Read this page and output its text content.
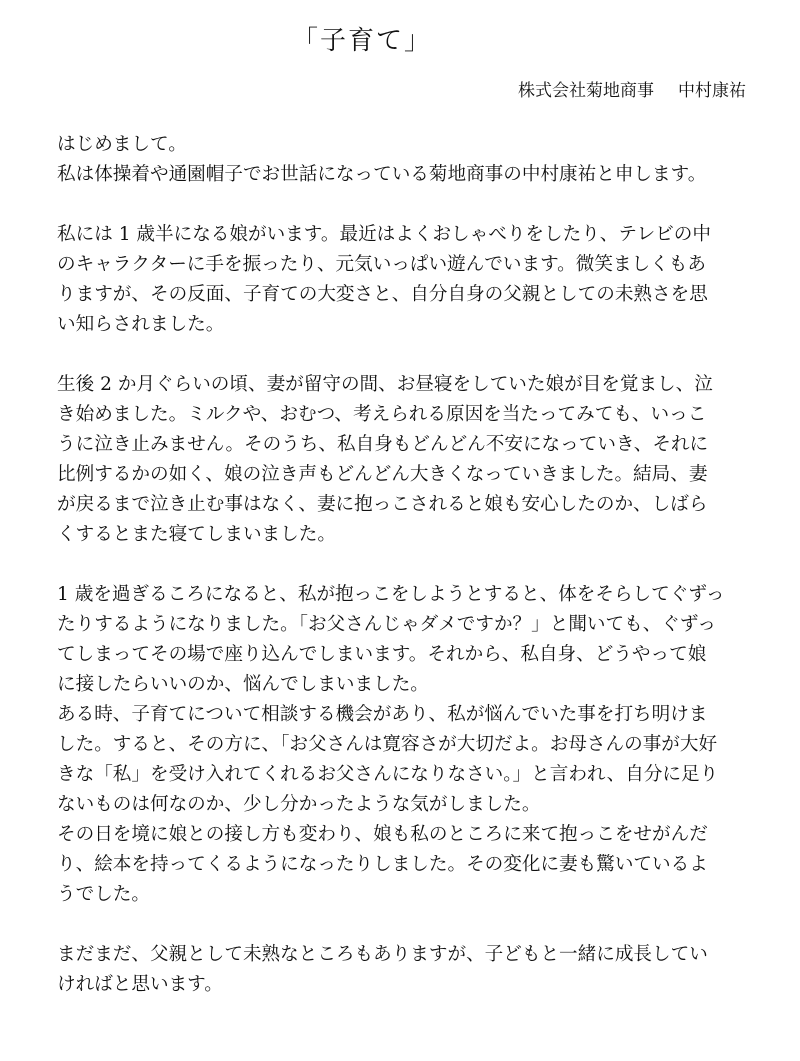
「子育て」
株式会社菊地商事 中村康祐
はじめまして。
私は体操着や通園帽子でお世話になっている菊地商事の中村康祐と申します。
私には 1 歳半になる娘がいます。最近はよくおしゃべりをしたり、テレビの中
のキャラクターに手を振ったり、元気いっぱい遊んでいます。微笑ましくもあ
りますが、その反面、子育ての大変さと、自分自身の父親としての未熟さを思
い知らされました。
生後 2 か月ぐらいの頃、妻が留守の間、お昼寝をしていた娘が目を覚まし、泣
き始めました。ミルクや、おむつ、考えられる原因を当たってみても、いっこ
うに泣き止みません。そのうち、私自身もどんどん不安になっていき、それに
比例するかの如く、娘の泣き声もどんどん大きくなっていきました。結局、妻
が戻るまで泣き止む事はなく、妻に抱っこされると娘も安心したのか、しばら
くするとまた寝てしまいました。
1 歳を過ぎるころになると、私が抱っこをしようとすると、体をそらしてぐずっ
たりするようになりました。「お父さんじゃダメですか？」と聞いても、ぐずっ
てしまってその場で座り込んでしまいます。それから、私自身、どうやって娘
に接したらいいのか、悩んでしまいました。
ある時、子育てについて相談する機会があり、私が悩んでいた事を打ち明けま
した。すると、その方に、「お父さんは寛容さが大切だよ。お母さんの事が大好
きな「私」を受け入れてくれるお父さんになりなさい。」と言われ、自分に足り
ないものは何なのか、少し分かったような気がしました。
その日を境に娘との接し方も変わり、娘も私のところに来て抱っこをせがんだ
り、絵本を持ってくるようになったりしました。その変化に妻も驚いているよ
うでした。
まだまだ、父親として未熟なところもありますが、子どもと一緒に成長してい
ければと思います。
